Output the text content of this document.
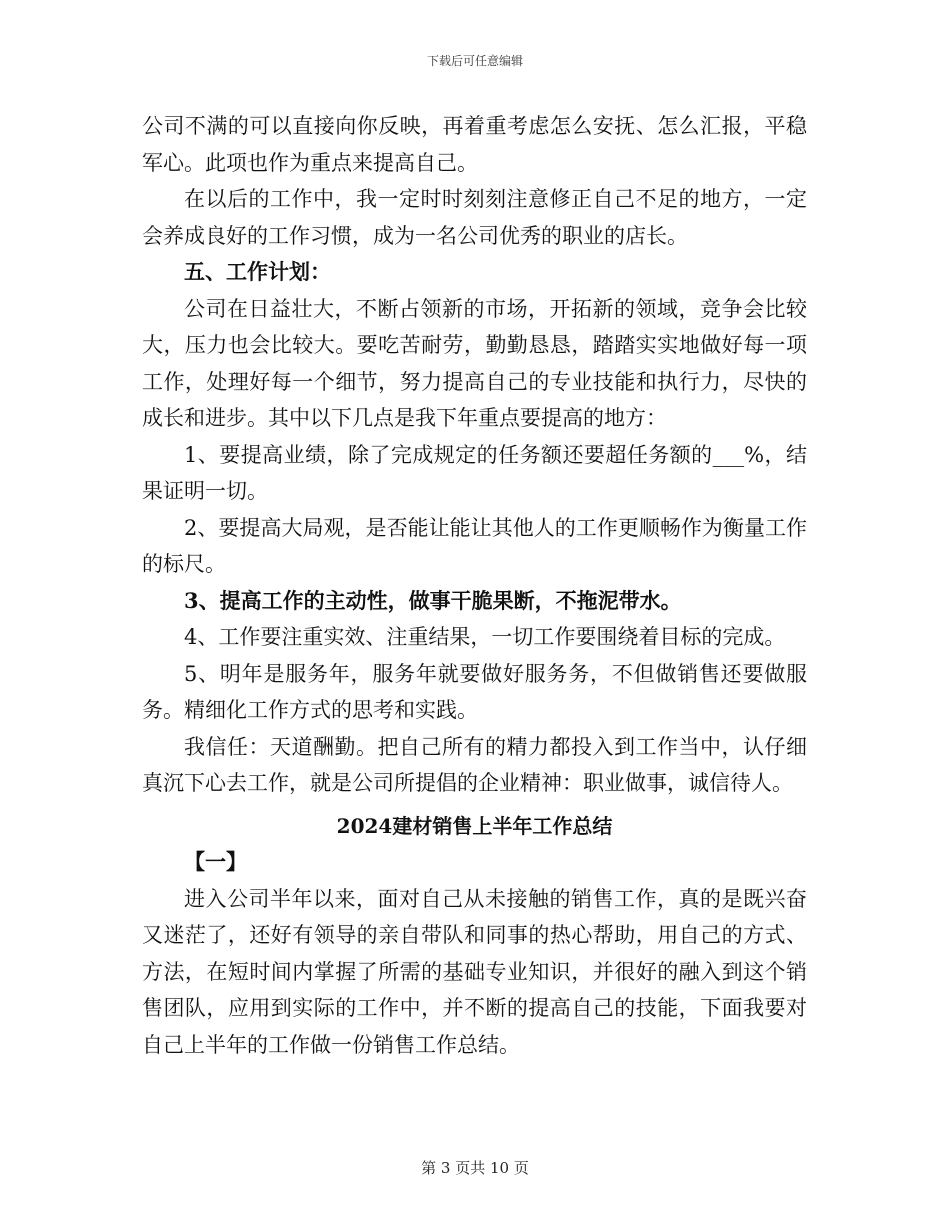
下载后可任意编辑

公司不满的可以直接向你反映，再着重考虑怎么安抚、怎么汇报，平稳军心。此项也作为重点来提高自己。

在以后的工作中，我一定时时刻刻注意修正自己不足的地方，一定会养成良好的工作习惯，成为一名公司优秀的职业的店长。

五、工作计划：

公司在日益壮大，不断占领新的市场，开拓新的领域，竞争会比较大，压力也会比较大。要吃苦耐劳，勤勤恳恳，踏踏实实地做好每一项工作，处理好每一个细节，努力提高自己的专业技能和执行力，尽快的成长和进步。其中以下几点是我下年重点要提高的地方：

1、要提高业绩，除了完成规定的任务额还要超任务额的___%，结果证明一切。

2、要提高大局观，是否能让能让其他人的工作更顺畅作为衡量工作的标尺。

3、提高工作的主动性，做事干脆果断，不拖泥带水。

4、工作要注重实效、注重结果，一切工作要围绕着目标的完成。

5、明年是服务年，服务年就要做好服务务，不但做销售还要做服务。精细化工作方式的思考和实践。

我信任：天道酬勤。把自己所有的精力都投入到工作当中，认仔细真沉下心去工作，就是公司所提倡的企业精神：职业做事，诚信待人。

2024建材销售上半年工作总结

【一】

进入公司半年以来，面对自己从未接触的销售工作，真的是既兴奋又迷茫了，还好有领导的亲自带队和同事的热心帮助，用自己的方式、方法，在短时间内掌握了所需的基础专业知识，并很好的融入到这个销售团队，应用到实际的工作中，并不断的提高自己的技能，下面我要对自己上半年的工作做一份销售工作总结。

第 3 页共 10 页
